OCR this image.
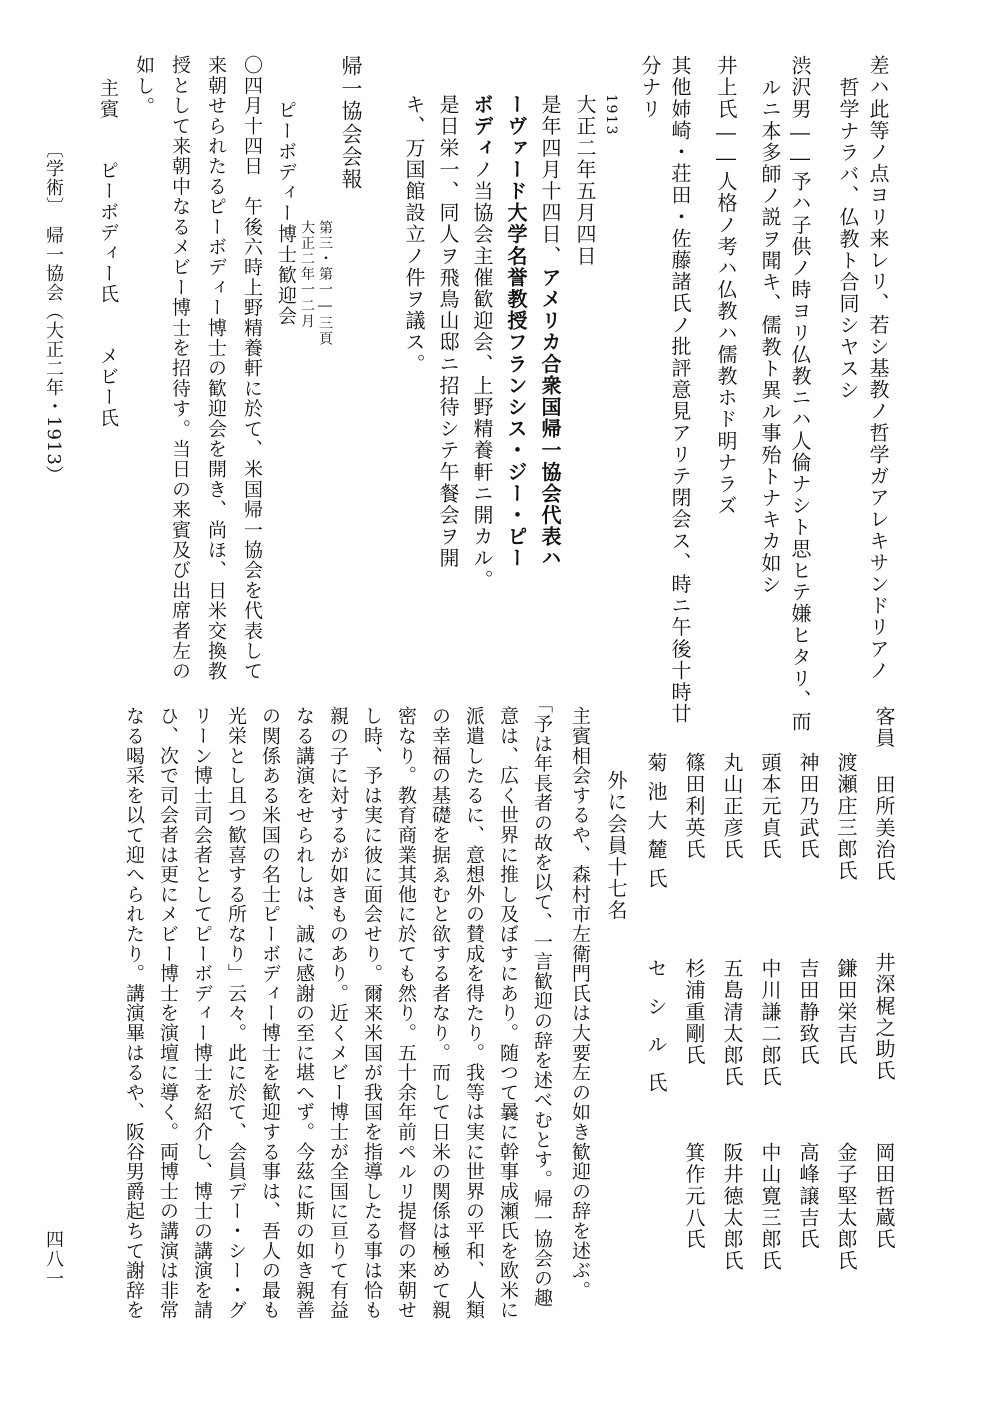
差ハ此等ノ点ヨリ来レリ、若シ基教ノ哲学ガアレキサンドリアノ
哲学ナラバ、仏教ト合同シヤスシ
渋沢男――予ハ子供ノ時ヨリ仏教ニハ人倫ナシト思ヒテ嫌ヒタリ、而
ルニ本多師ノ説ヲ聞キ、儒教ト異ル事殆トナキカ如シ
井上氏――人格ノ考ハ仏教ハ儒教ホド明ナラズ
其他姉崎・荘田・佐藤諸氏ノ批評意見アリテ閉会ス、時ニ午後十時廿
分ナリ
1913
大正二年五月四日
是年四月十四日、アメリカ合衆国帰一協会代表ハ
ーヴァード大学名誉教授フランシス・ジー・ピー
ボディノ当協会主催歓迎会、上野精養軒ニ開カル。
是日栄一、同人ヲ飛鳥山邸ニ招待シテ午餐会ヲ開
キ、万国館設立ノ件ヲ議ス。
帰一協会会報
第三・第一―三頁
大正二年一二月
ピーボディー博士歓迎会
〇四月十四日　午後六時上野精養軒に於て、米国帰一協会を代表して
来朝せられたるピーボディー博士の歓迎会を開き、尚ほ、日米交換教
授として来朝中なるメビー博士を招待す。当日の来賓及び出席者左の
如し。
主賓　　ピーボディー氏　　メビー氏
客員
田所美治氏
井深梶之助氏
岡田哲蔵氏
渡瀬庄三郎氏
鎌田栄吉氏
金子堅太郎氏
神田乃武氏
吉田静致氏
高峰譲吉氏
頭本元貞氏
中川謙二郎氏
中山寛三郎氏
丸山正彦氏
五島清太郎氏
阪井徳太郎氏
篠田利英氏
杉浦重剛氏
箕作元八氏
菊池大麓氏
セシル氏
外に会員十七名
主賓相会するや、森村市左衛門氏は大要左の如き歓迎の辞を述ぶ。
「予は年長者の故を以て、一言歓迎の辞を述べむとす。帰一協会の趣
意は、広く世界に推し及ぼすにあり。随つて曩に幹事成瀬氏を欧米に
派遣したるに、意想外の賛成を得たり。我等は実に世界の平和、人類
の幸福の基礎を据ゑむと欲する者なり。而して日米の関係は極めて親
密なり。教育商業其他に於ても然り。五十余年前ペルリ提督の来朝せ
し時、予は実に彼に面会せり。爾来米国が我国を指導したる事は恰も
親の子に対するが如きものあり。近くメビー博士が全国に亘りて有益
なる講演をせられしは、誠に感謝の至に堪へず。今茲に斯の如き親善
の関係ある米国の名士ピーボディー博士を歓迎する事は、吾人の最も
光栄とし且つ歓喜する所なり」云々。此に於て、会員デー・シー・グ
リーン博士司会者としてピーボディー博士を紹介し、博士の講演を請
ひ、次で司会者は更にメビー博士を演壇に導く。両博士の講演は非常
なる喝采を以て迎へられたり。講演畢はるや、阪谷男爵起ちて謝辞を
〔学術〕　帰一協会（大正二年・1913）
四八一
